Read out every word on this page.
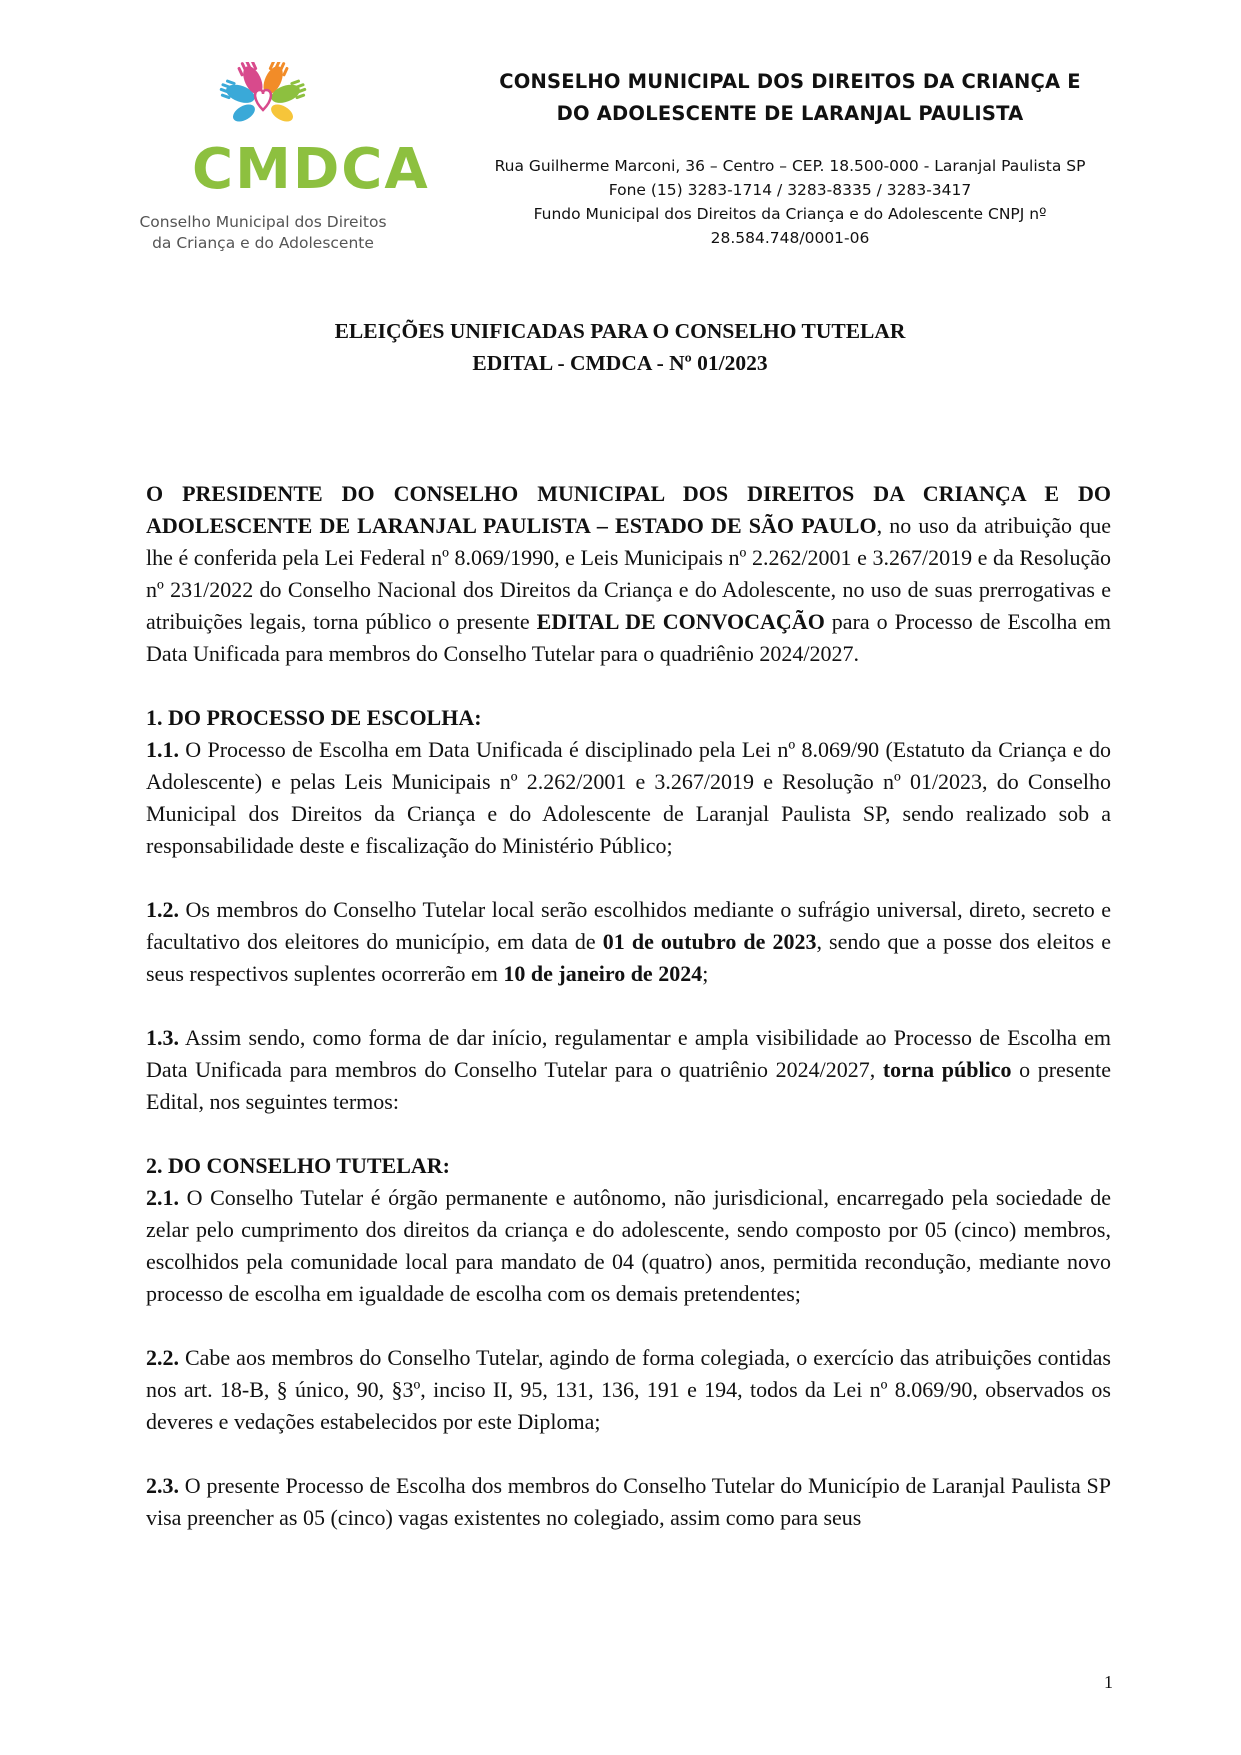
CMDCA
Conselho Municipal dos Direitos
da Criança e do Adolescente
CONSELHO MUNICIPAL DOS DIREITOS DA CRIANÇA E
DO ADOLESCENTE DE LARANJAL PAULISTA
Rua Guilherme Marconi, 36 – Centro – CEP. 18.500-000 - Laranjal Paulista SP
Fone (15) 3283-1714 / 3283-8335 / 3283-3417
Fundo Municipal dos Direitos da Criança e do Adolescente CNPJ nº
28.584.748/0001-06
ELEIÇÕES UNIFICADAS PARA O CONSELHO TUTELAR
EDITAL - CMDCA - Nº 01/2023

O PRESIDENTE DO CONSELHO MUNICIPAL DOS DIREITOS DA CRIANÇA E DO ADOLESCENTE DE LARANJAL PAULISTA – ESTADO DE SÃO PAULO, no uso da atribuição que lhe é conferida pela Lei Federal nº 8.069/1990, e Leis Municipais nº 2.262/2001 e 3.267/2019 e da Resolução nº 231/2022 do Conselho Nacional dos Direitos da Criança e do Adolescente, no uso de suas prerrogativas e atribuições legais, torna público o presente EDITAL DE CONVOCAÇÃO para o Processo de Escolha em Data Unificada para membros do Conselho Tutelar para o quadriênio 2024/2027.

1. DO PROCESSO DE ESCOLHA:

1.1. O Processo de Escolha em Data Unificada é disciplinado pela Lei nº 8.069/90 (Estatuto da Criança e do Adolescente) e pelas Leis Municipais nº 2.262/2001 e 3.267/2019 e Resolução nº 01/2023, do Conselho Municipal dos Direitos da Criança e do Adolescente de Laranjal Paulista SP, sendo realizado sob a responsabilidade deste e fiscalização do Ministério Público;

1.2. Os membros do Conselho Tutelar local serão escolhidos mediante o sufrágio universal, direto, secreto e facultativo dos eleitores do município, em data de 01 de outubro de 2023, sendo que a posse dos eleitos e seus respectivos suplentes ocorrerão em 10 de janeiro de 2024;

1.3. Assim sendo, como forma de dar início, regulamentar e ampla visibilidade ao Processo de Escolha em Data Unificada para membros do Conselho Tutelar para o quatriênio 2024/2027, torna público o presente Edital, nos seguintes termos:

2. DO CONSELHO TUTELAR:

2.1. O Conselho Tutelar é órgão permanente e autônomo, não jurisdicional, encarregado pela sociedade de zelar pelo cumprimento dos direitos da criança e do adolescente, sendo composto por 05 (cinco) membros, escolhidos pela comunidade local para mandato de 04 (quatro) anos, permitida recondução, mediante novo processo de escolha em igualdade de escolha com os demais pretendentes;

2.2. Cabe aos membros do Conselho Tutelar, agindo de forma colegiada, o exercício das atribuições contidas nos art. 18-B, § único, 90, §3º, inciso II, 95, 131, 136, 191 e 194, todos da Lei nº 8.069/90, observados os deveres e vedações estabelecidos por este Diploma;

2.3. O presente Processo de Escolha dos membros do Conselho Tutelar do Município de Laranjal Paulista SP visa preencher as 05 (cinco) vagas existentes no colegiado, assim como para seus

1
